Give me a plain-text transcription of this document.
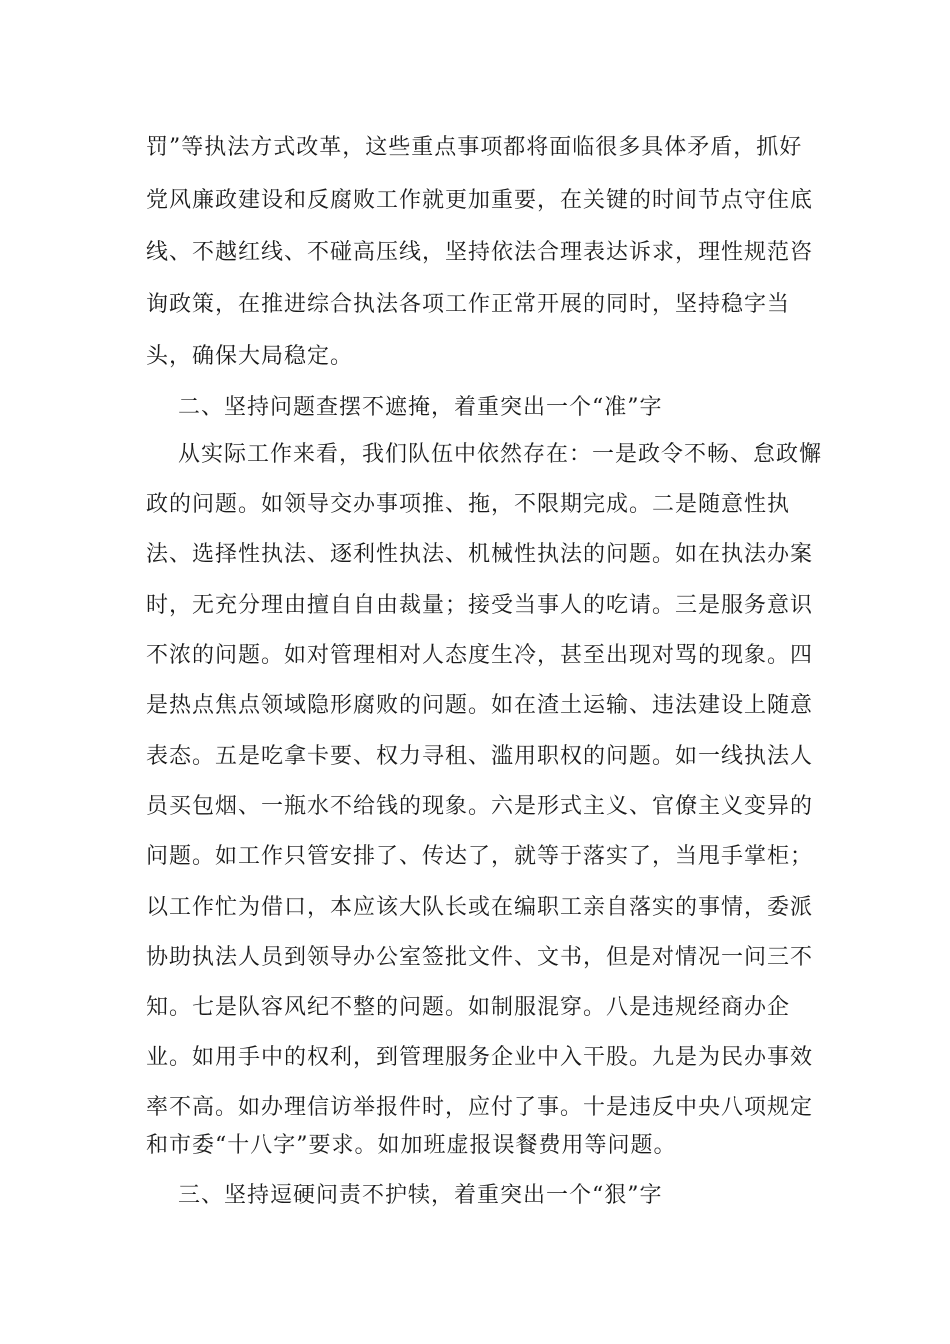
罚”等执法方式改革，这些重点事项都将面临很多具体矛盾，抓好
党风廉政建设和反腐败工作就更加重要，在关键的时间节点守住底
线、不越红线、不碰高压线，坚持依法合理表达诉求，理性规范咨
询政策，在推进综合执法各项工作正常开展的同时，坚持稳字当
头，确保大局稳定。
二、坚持问题查摆不遮掩，着重突出一个“准”字
从实际工作来看，我们队伍中依然存在：一是政令不畅、怠政懈
政的问题。如领导交办事项推、拖，不限期完成。二是随意性执
法、选择性执法、逐利性执法、机械性执法的问题。如在执法办案
时，无充分理由擅自自由裁量；接受当事人的吃请。三是服务意识
不浓的问题。如对管理相对人态度生冷，甚至出现对骂的现象。四
是热点焦点领域隐形腐败的问题。如在渣土运输、违法建设上随意
表态。五是吃拿卡要、权力寻租、滥用职权的问题。如一线执法人
员买包烟、一瓶水不给钱的现象。六是形式主义、官僚主义变异的
问题。如工作只管安排了、传达了，就等于落实了，当甩手掌柜；
以工作忙为借口，本应该大队长或在编职工亲自落实的事情，委派
协助执法人员到领导办公室签批文件、文书，但是对情况一问三不
知。七是队容风纪不整的问题。如制服混穿。八是违规经商办企
业。如用手中的权利，到管理服务企业中入干股。九是为民办事效
率不高。如办理信访举报件时，应付了事。十是违反中央八项规定
和市委“十八字”要求。如加班虚报误餐费用等问题。
三、坚持逗硬问责不护犊，着重突出一个“狠”字
